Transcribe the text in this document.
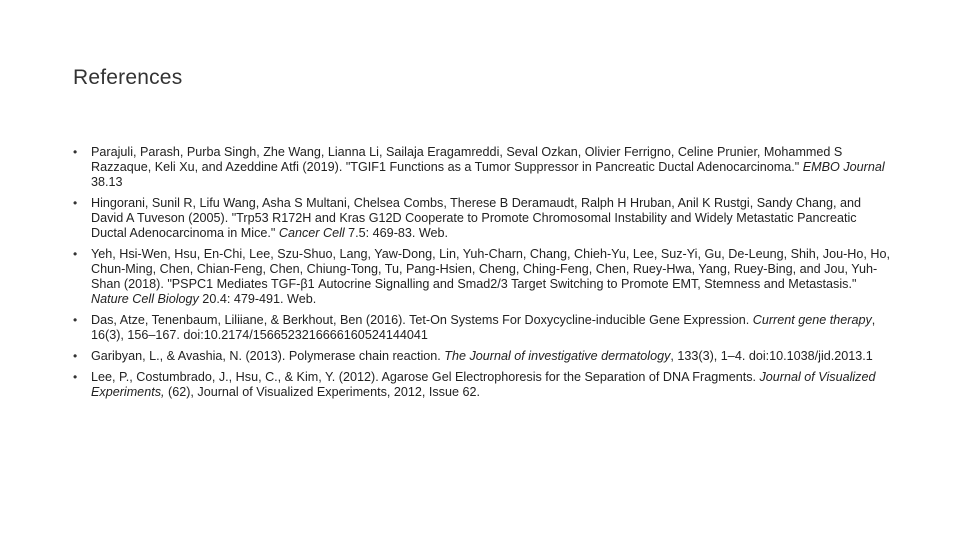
References
• Parajuli, Parash, Purba Singh, Zhe Wang, Lianna Li, Sailaja Eragamreddi, Seval Ozkan, Olivier Ferrigno, Celine Prunier, Mohammed S Razzaque, Keli Xu, and Azeddine Atfi (2019). "TGIF1 Functions as a Tumor Suppressor in Pancreatic Ductal Adenocarcinoma." EMBO Journal 38.13
• Hingorani, Sunil R, Lifu Wang, Asha S Multani, Chelsea Combs, Therese B Deramaudt, Ralph H Hruban, Anil K Rustgi, Sandy Chang, and David A Tuveson (2005). "Trp53 R172H and Kras G12D Cooperate to Promote Chromosomal Instability and Widely Metastatic Pancreatic Ductal Adenocarcinoma in Mice." Cancer Cell 7.5: 469-83. Web.
• Yeh, Hsi-Wen, Hsu, En-Chi, Lee, Szu-Shuo, Lang, Yaw-Dong, Lin, Yuh-Charn, Chang, Chieh-Yu, Lee, Suz-Yi, Gu, De-Leung, Shih, Jou-Ho, Ho, Chun-Ming, Chen, Chian-Feng, Chen, Chiung-Tong, Tu, Pang-Hsien, Cheng, Ching-Feng, Chen, Ruey-Hwa, Yang, Ruey-Bing, and Jou, Yuh-Shan (2018). "PSPC1 Mediates TGF-β1 Autocrine Signalling and Smad2/3 Target Switching to Promote EMT, Stemness and Metastasis." Nature Cell Biology 20.4: 479-491. Web.
• Das, Atze, Tenenbaum, Liliiane, & Berkhout, Ben (2016). Tet-On Systems For Doxycycline-inducible Gene Expression. Current gene therapy, 16(3), 156–167. doi:10.2174/1566523216666160524144041
• Garibyan, L., & Avashia, N. (2013). Polymerase chain reaction. The Journal of investigative dermatology, 133(3), 1–4. doi:10.1038/jid.2013.1
• Lee, P., Costumbrado, J., Hsu, C., & Kim, Y. (2012). Agarose Gel Electrophoresis for the Separation of DNA Fragments. Journal of Visualized Experiments, (62), Journal of Visualized Experiments, 2012, Issue 62.
